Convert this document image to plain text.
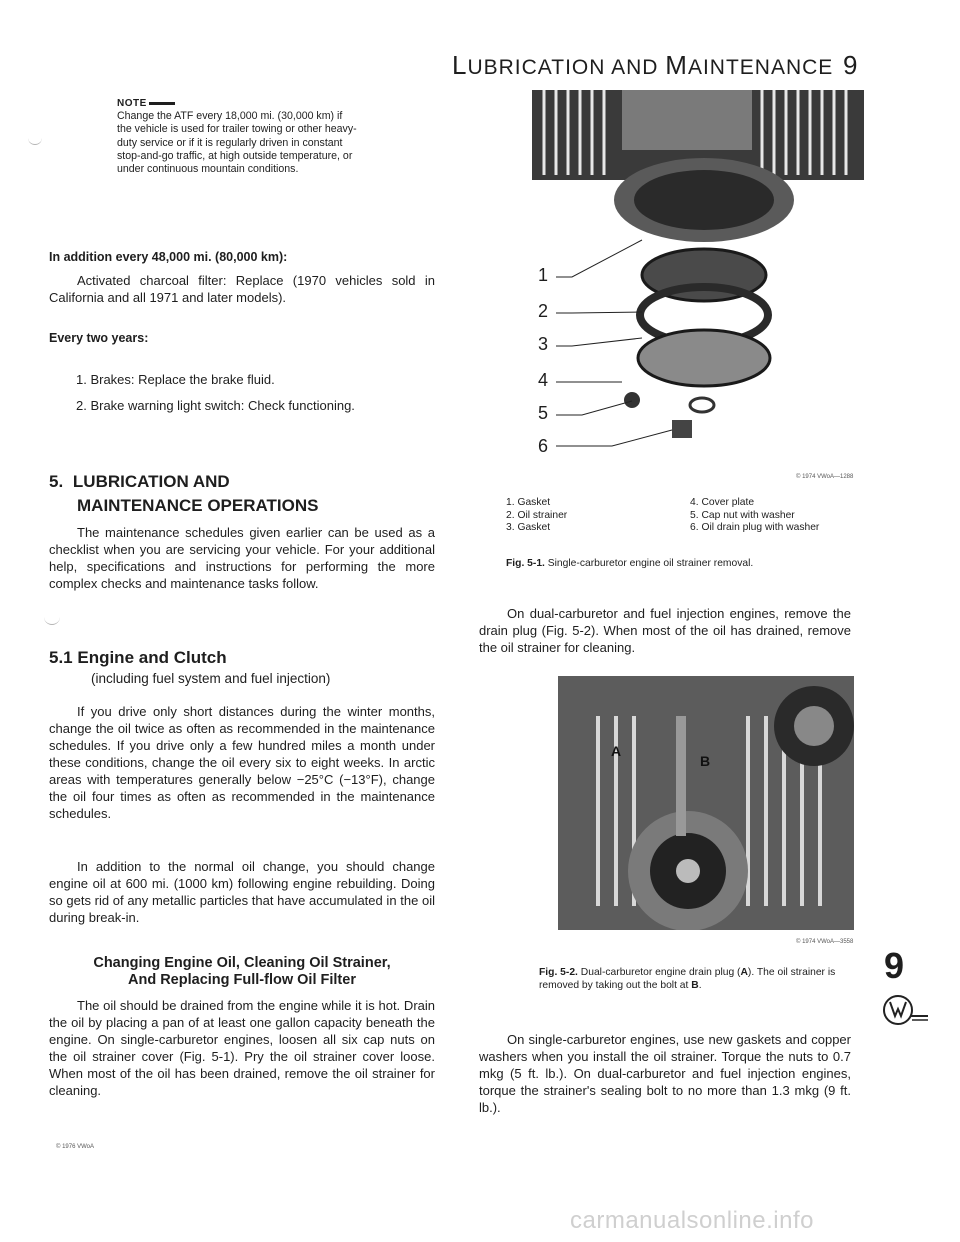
LUBRICATION AND MAINTENANCE 9
NOTE
Change the ATF every 18,000 mi. (30,000 km) if the vehicle is used for trailer towing or other heavy-duty service or if it is regularly driven in constant stop-and-go traffic, at high outside temperature, or under continuous mountain conditions.
In addition every 48,000 mi. (80,000 km):
Activated charcoal filter: Replace (1970 vehicles sold in California and all 1971 and later models).
Every two years:
1. Brakes: Replace the brake fluid.
2. Brake warning light switch: Check functioning.
5. LUBRICATION AND
MAINTENANCE OPERATIONS
The maintenance schedules given earlier can be used as a checklist when you are servicing your vehicle. For your additional help, specifications and instructions for performing the more complex checks and maintenance tasks follow.
5.1 Engine and Clutch
(including fuel system and fuel injection)
If you drive only short distances during the winter months, change the oil twice as often as recommended in the maintenance schedules. If you drive only a few hundred miles a month under these conditions, change the oil every six to eight weeks. In arctic areas with temperatures generally below −25°C (−13°F), change the oil four times as often as recommended in the maintenance schedules.
In addition to the normal oil change, you should change engine oil at 600 mi. (1000 km) following engine rebuilding. Doing so gets rid of any metallic particles that have accumulated in the oil during break-in.
Changing Engine Oil, Cleaning Oil Strainer,
And Replacing Full-flow Oil Filter
The oil should be drained from the engine while it is hot. Drain the oil by placing a pan of at least one gallon capacity beneath the engine. On single-carburetor engines, loosen all six cap nuts on the oil strainer cover (Fig. 5-1). Pry the oil strainer cover loose. When most of the oil has been drained, remove the oil strainer for cleaning.
© 1976 VWoA
1
2
3
4
5
6
© 1974 VWoA—1288
1. Gasket
2. Oil strainer
3. Gasket
4. Cover plate
5. Cap nut with washer
6. Oil drain plug with washer
Fig. 5-1. Single-carburetor engine oil strainer removal.
On dual-carburetor and fuel injection engines, remove the drain plug (Fig. 5-2). When most of the oil has drained, remove the oil strainer for cleaning.
A
B
© 1974 VWoA—3558
Fig. 5-2. Dual-carburetor engine drain plug (A). The oil strainer is removed by taking out the bolt at B.
On single-carburetor engines, use new gaskets and copper washers when you install the oil strainer. Torque the nuts to 0.7 mkg (5 ft. lb.). On dual-carburetor and fuel injection engines, torque the strainer's sealing bolt to no more than 1.3 mkg (9 ft. lb.).
9
carmanualsonline.info
